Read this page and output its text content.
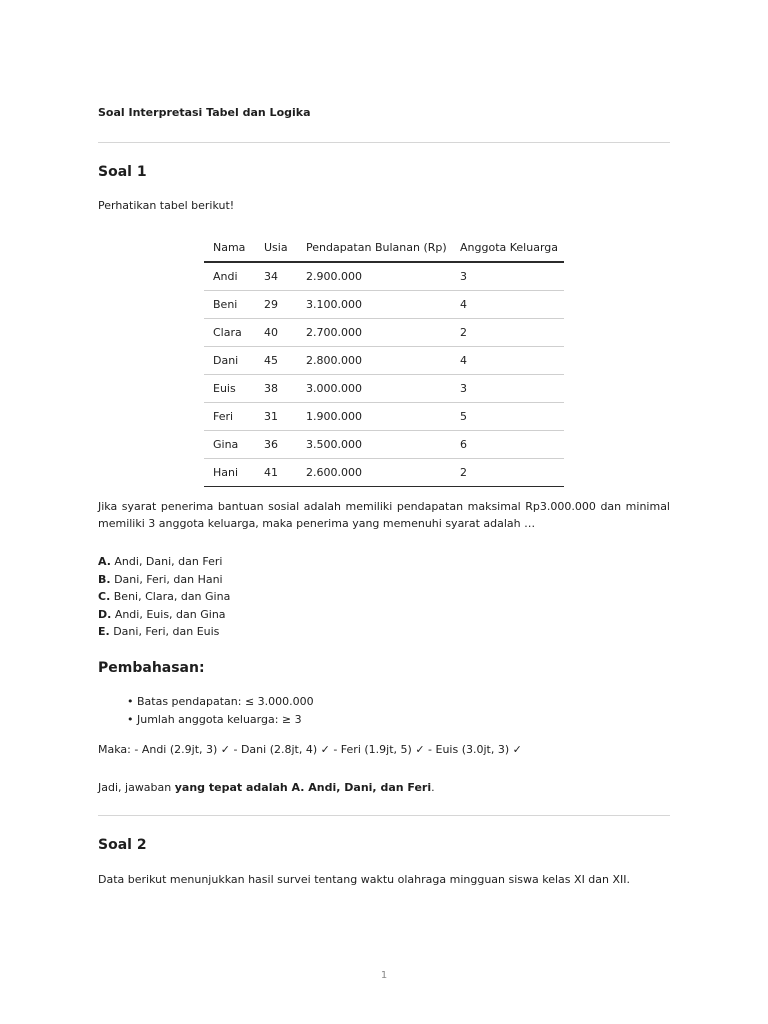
Soal Interpretasi Tabel dan Logika

Soal 1

Perhatikan tabel berikut!

Nama	Usia	Pendapatan Bulanan (Rp)	Anggota Keluarga
Andi	34	2.900.000	3
Beni	29	3.100.000	4
Clara	40	2.700.000	2
Dani	45	2.800.000	4
Euis	38	3.000.000	3
Feri	31	1.900.000	5
Gina	36	3.500.000	6
Hani	41	2.600.000	2

Jika syarat penerima bantuan sosial adalah memiliki pendapatan maksimal Rp3.000.000 dan minimal memiliki 3 anggota keluarga, maka penerima yang memenuhi syarat adalah …

A. Andi, Dani, dan Feri
B. Dani, Feri, dan Hani
C. Beni, Clara, dan Gina
D. Andi, Euis, dan Gina
E. Dani, Feri, dan Euis
Pembahasan:
• Batas pendapatan: ≤ 3.000.000
• Jumlah anggota keluarga: ≥ 3

Maka: - Andi (2.9jt, 3) ✓ - Dani (2.8jt, 4) ✓ - Feri (1.9jt, 5) ✓ - Euis (3.0jt, 3) ✓

Jadi, jawaban yang tepat adalah A. Andi, Dani, dan Feri.

Soal 2

Data berikut menunjukkan hasil survei tentang waktu olahraga mingguan siswa kelas XI dan XII.

1
